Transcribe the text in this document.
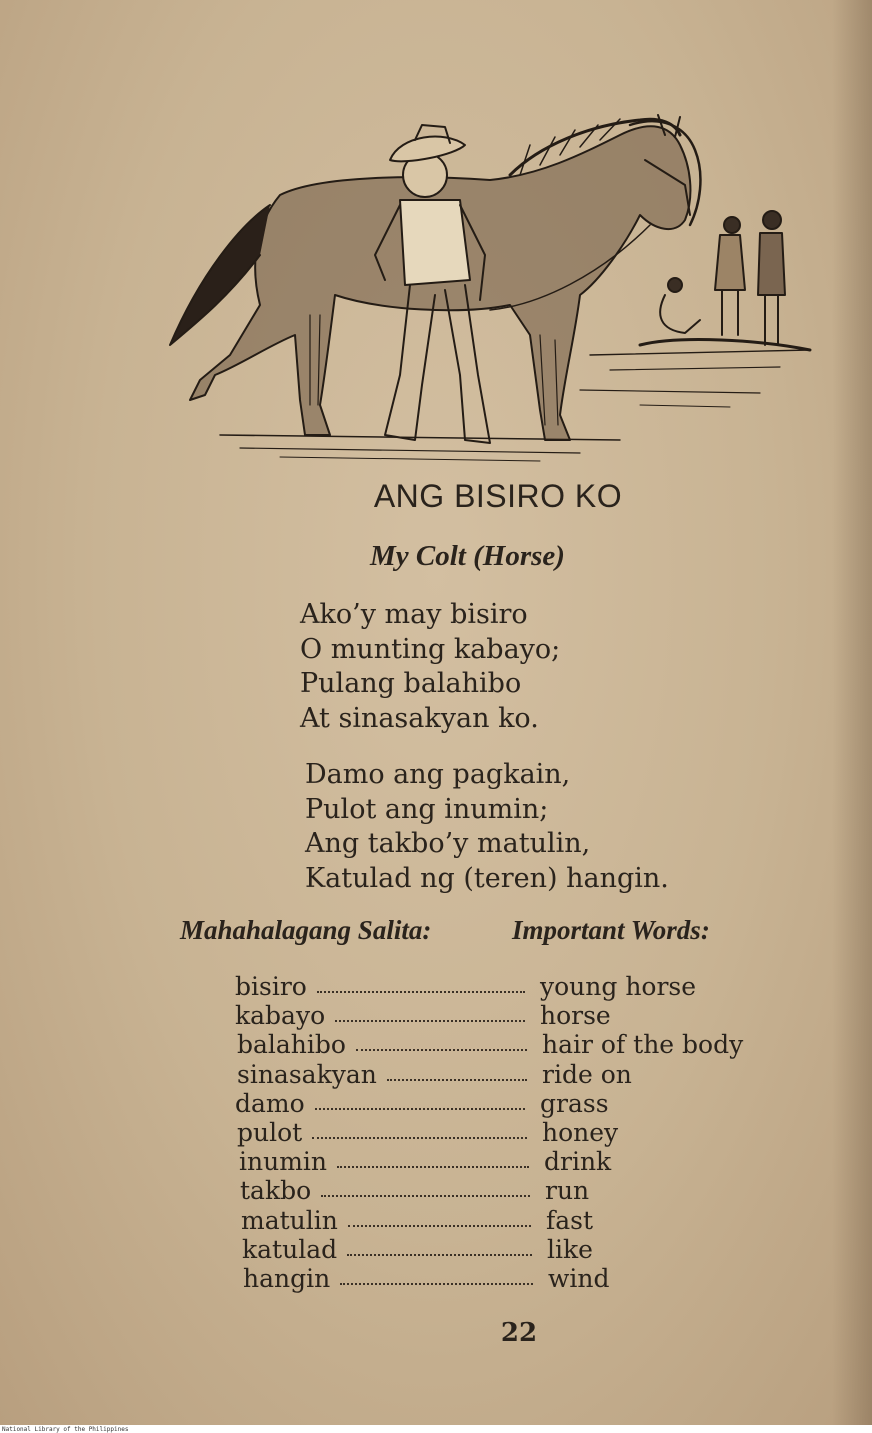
ANG BISIRO KO
My Colt (Horse)
Ako’y may bisiro
O munting kabayo;
Pulang balahibo
At sinasakyan ko.
Damo ang pagkain,
Pulot ang inumin;
Ang takbo’y matulin,
Katulad ng (teren) hangin.
Mahahalagang Salita:	Important Words:
bisiro	young horse
kabayo	horse
balahibo	hair of the body
sinasakyan	ride on
damo	grass
pulot	honey
inumin	drink
takbo	run
matulin	fast
katulad	like
hangin	wind
22
National Library of the Philippines
